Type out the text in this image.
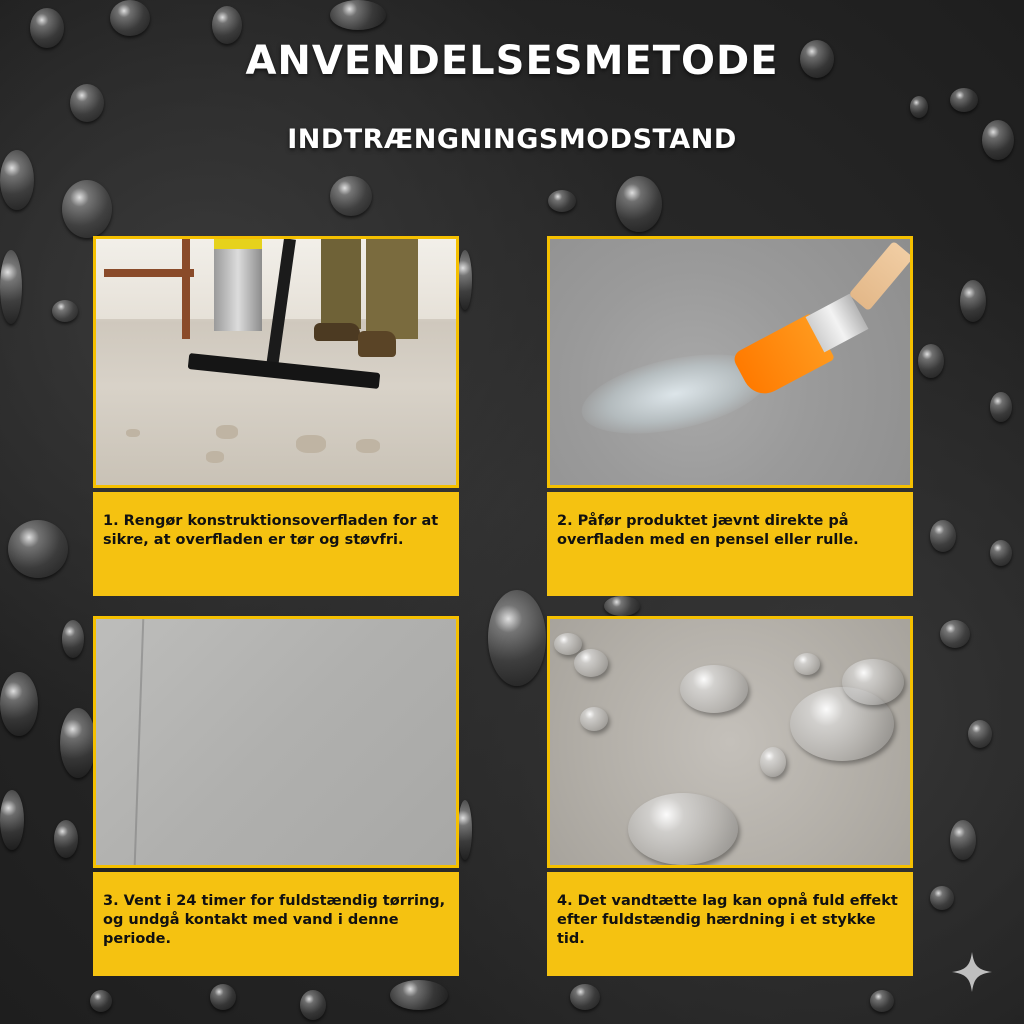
ANVENDELSESMETODE
INDTRÆNGNINGSMODSTAND
1. Rengør konstruktionsoverfladen for at sikre, at overfladen er tør og støvfri.
2. Påfør produktet jævnt direkte på overfladen med en pensel eller rulle.
3. Vent i 24 timer for fuldstændig tørring, og undgå kontakt med vand i denne periode.
4. Det vandtætte lag kan opnå fuld effekt efter fuldstændig hærdning i et stykke tid.
